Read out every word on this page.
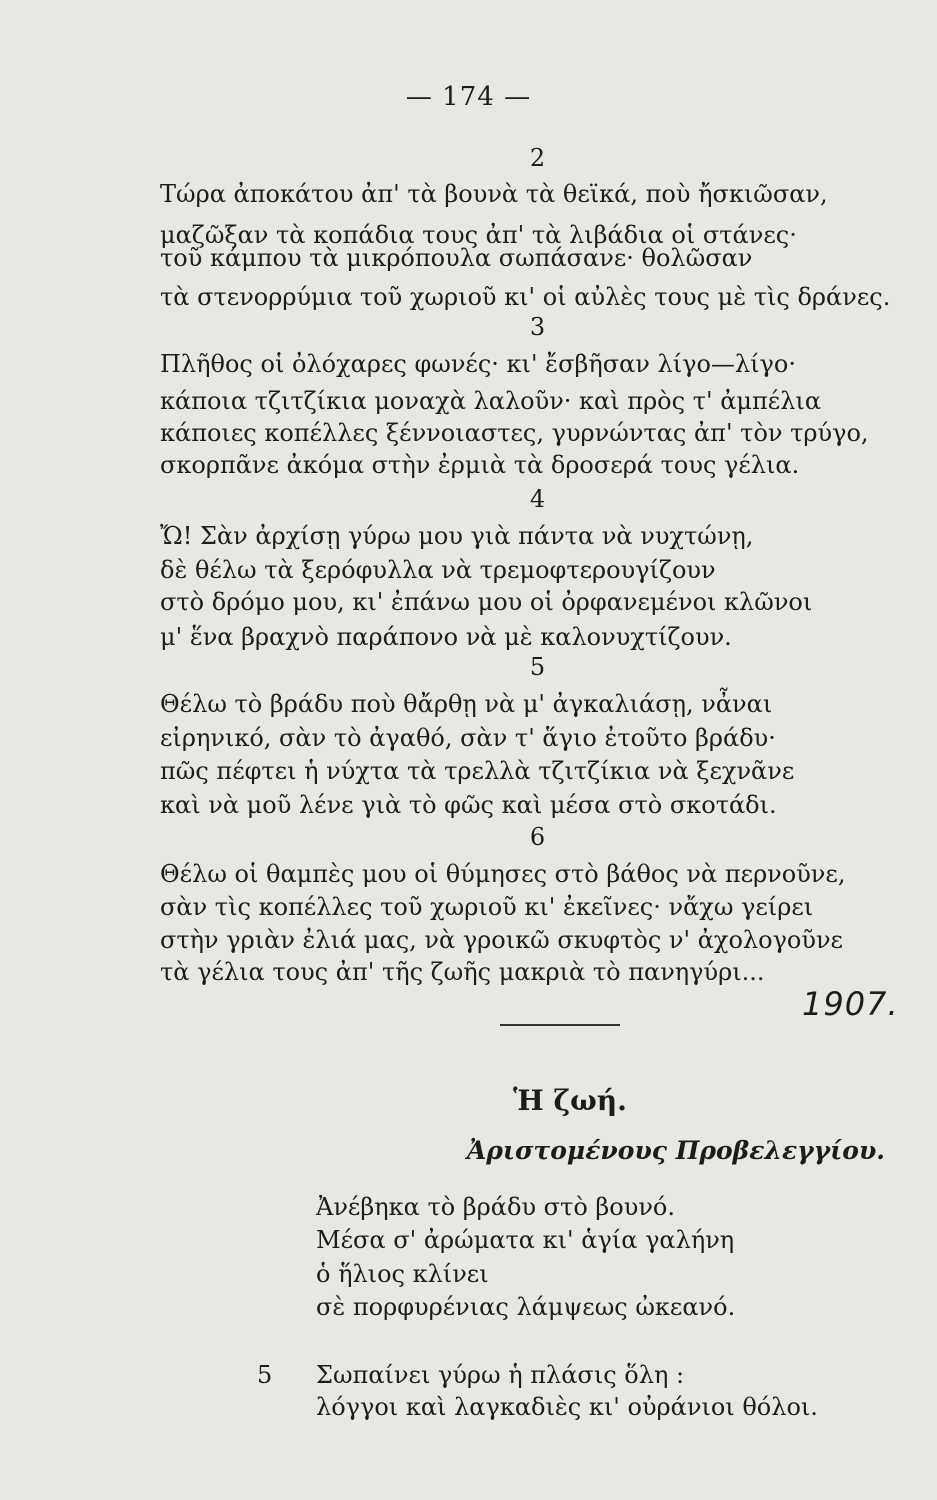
— 174 —
2
Τώρα ἀποκάτου ἀπ' τὰ βουνὰ τὰ θεϊκά, ποὺ ἤσκιῶσαν,
μαζῶξαν τὰ κοπάδια τους ἀπ' τὰ λιβάδια οἱ στάνες·
τοῦ κάμπου τὰ μικρόπουλα σωπάσανε· θολῶσαν
τὰ στενορρύμια τοῦ χωριοῦ κι' οἱ αὐλὲς τους μὲ τὶς δράνες.
3
Πλῆθος οἱ ὀλόχαρες φωνές· κι' ἔσβῆσαν λίγο—λίγο·
κάποια τζιτζίκια μοναχὰ λαλοῦν· καὶ πρὸς τ' ἀμπέλια
κάποιες κοπέλλες ξέννοιαστες, γυρνώντας ἀπ' τὸν τρύγο,
σκορπᾶνε ἀκόμα στὴν ἐρμιὰ τὰ δροσερά τους γέλια.
4
Ὤ! Σὰν ἀρχίσῃ γύρω μου γιὰ πάντα νὰ νυχτώνῃ,
δὲ θέλω τὰ ξερόφυλλα νὰ τρεμοφτερουγίζουν
στὸ δρόμο μου, κι' ἐπάνω μου οἱ ὀρφανεμένοι κλῶνοι
μ' ἕνα βραχνὸ παράπονο νὰ μὲ καλονυχτίζουν.
5
Θέλω τὸ βράδυ ποὺ θἄρθῃ νὰ μ' ἀγκαλιάσῃ, νἆναι
εἰρηνικό, σὰν τὸ ἀγαθό, σὰν τ' ἅγιο ἐτοῦτο βράδυ·
πῶς πέφτει ἡ νύχτα τὰ τρελλὰ τζιτζίκια νὰ ξεχνᾶνε
καὶ νὰ μοῦ λένε γιὰ τὸ φῶς καὶ μέσα στὸ σκοτάδι.
6
Θέλω οἱ θαμπὲς μου οἱ θύμησες στὸ βάθος νὰ περνοῦνε,
σὰν τὶς κοπέλλες τοῦ χωριοῦ κι' ἐκεῖνες· νἄχω γείρει
στὴν γριὰν ἐλιά μας, νὰ γροικῶ σκυφτὸς ν' ἀχολογοῦνε
τὰ γέλια τους ἀπ' τῆς ζωῆς μακριὰ τὸ πανηγύρι...
1907.
Ἡ ζωή.
Ἀριστομένους Προβελεγγίου.
Ἀνέβηκα τὸ βράδυ στὸ βουνό.
Μέσα σ' ἀρώματα κι' ἁγία γαλήνη
ὁ ἥλιος κλίνει
σὲ πορφυρένιας λάμψεως ὠκεανό.
5 Σωπαίνει γύρω ἡ πλάσις ὅλη :
λόγγοι καὶ λαγκαδιὲς κι' οὐράνιοι θόλοι.
